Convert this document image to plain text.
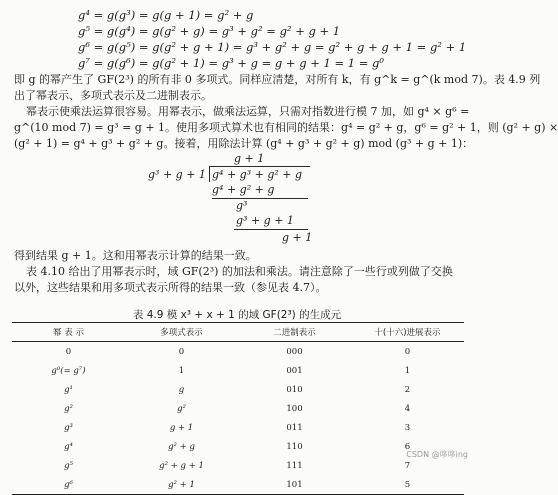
g⁴ = g(g³) = g(g + 1) = g² + g
g⁵ = g(g⁴) = g(g² + g) = g³ + g² = g² + g + 1
g⁶ = g(g⁵) = g(g² + g + 1) = g³ + g² + g = g² + g + g + 1 = g² + 1
g⁷ = g(g⁶) = g(g² + 1) = g³ + g = g + g + 1 = 1 = g⁰
即 g 的幂产生了 GF(2³) 的所有非 0 多项式。同样应清楚，对所有 k，有 g^k = g^(k mod 7)。表 4.9 列
出了幂表示、多项式表示及二进制表示。
幂表示使乘法运算很容易。用幂表示，做乘法运算，只需对指数进行模 7 加，如 g⁴ × g⁶ =
g^(10 mod 7) = g³ = g + 1。使用多项式算术也有相同的结果：g⁴ = g² + g，g⁶ = g² + 1，则 (g² + g) ×
(g² + 1) = g⁴ + g³ + g² + g。接着，用除法计算 (g⁴ + g³ + g² + g) mod (g³ + g + 1)：
g + 1
g³ + g + 1 g⁴ + g³ + g² + g
g⁴ + g² + g
g³
g³ + g + 1
g + 1
得到结果 g + 1。这和用幂表示计算的结果一致。
表 4.10 给出了用幂表示时，域 GF(2³) 的加法和乘法。请注意除了一些行或列做了交换
以外，这些结果和用多项式表示所得的结果一致（参见表 4.7）。
表 4.9 模 x³ + x + 1 的域 GF(2³) 的生成元
幂 表 示	多项式表示	二进制表示	十(十六)进展表示
0	0	000	0
g⁰(= g⁷)	1	001	1
g¹	g	010	2
g²	g²	100	4
g³	g + 1	011	3
g⁴	g² + g	110	6
g⁵	g² + g + 1	111	7
g⁶	g² + 1	101	5
CSDN @哆哆ing
